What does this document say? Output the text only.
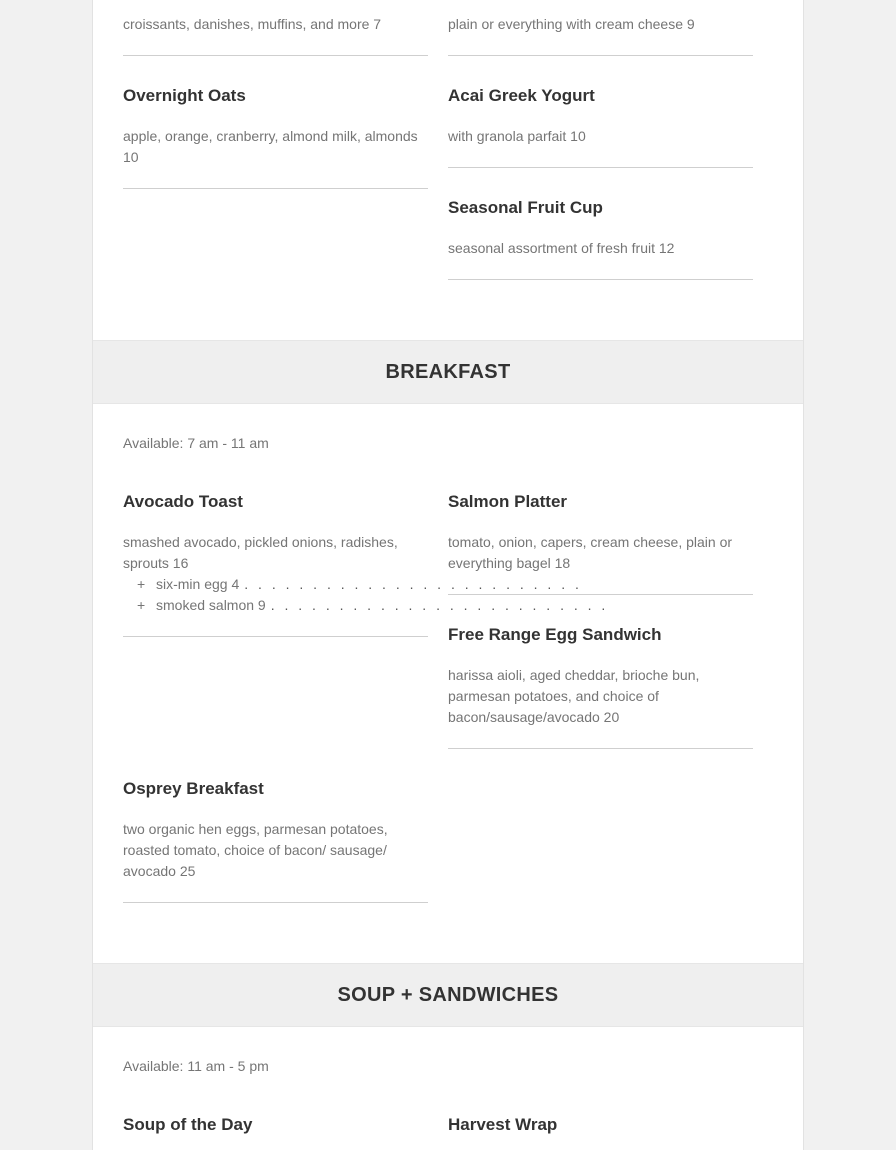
croissants, danishes, muffins, and more 7	plain or everything with cream cheese 9
Overnight Oats
apple, orange, cranberry, almond milk, almonds 10
Acai Greek Yogurt
with granola parfait 10
Seasonal Fruit Cup
seasonal assortment of fresh fruit 12
BREAKFAST
Available: 7 am - 11 am
Avocado Toast
smashed avocado, pickled onions, radishes, sprouts 16
+ six-min egg 4 . . . . . . . . . . . . . . . . . . . . . . . . .
+ smoked salmon 9 . . . . . . . . . . . . . . . . . . . . . . . . .
Salmon Platter
tomato, onion, capers, cream cheese, plain or everything bagel 18
Free Range Egg Sandwich
harissa aioli, aged cheddar, brioche bun, parmesan potatoes, and choice of bacon/sausage/avocado 20
Osprey Breakfast
two organic hen eggs, parmesan potatoes, roasted tomato, choice of bacon/ sausage/ avocado 25
SOUP + SANDWICHES
Available: 11 am - 5 pm
Soup of the Day	Harvest Wrap
